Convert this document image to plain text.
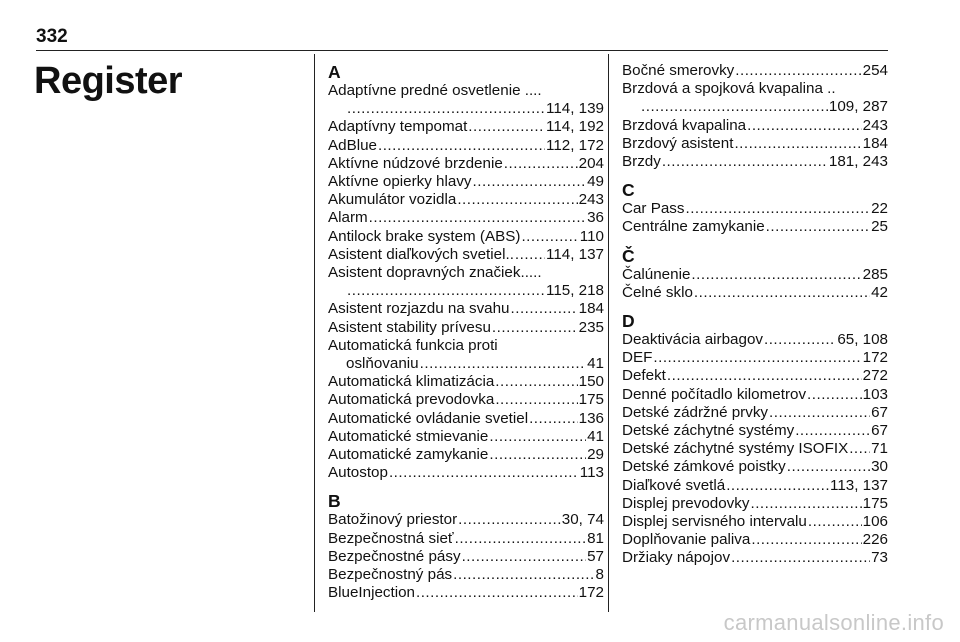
332
Register	A
Adaptívne predné osvetlenie ....
.....
114, 139
Adaptívny tempomat .....	114, 192
AdBlue .....	112, 172
Aktívne núdzové brzdenie .....	204
Aktívne opierky hlavy .....	49
Akumulátor vozidla .....	243
Alarm .....	36
Antilock brake system (ABS) .....	110
Asistent diaľkových svetiel.. ..... 114, 137
Asistent dopravných značiek.....
.....
115, 218
Asistent rozjazdu na svahu .....	184
Asistent stability prívesu .....	235
Automatická funkcia proti
oslňovaniu .....	41
Automatická klimatizácia .....	150
Automatická prevodovka .....	175
Automatické ovládanie svetiel .....	136
Automatické stmievanie .....	41
Automatické zamykanie .....	29
Autostop .....	113
B
Batožinový priestor .....	30, 74
Bezpečnostná sieť .....	81
Bezpečnostné pásy .....	57
Bezpečnostný pás .....	8
BlueInjection .....	172
Bočné smerovky .....	254
Brzdová a spojková kvapalina ..
.....
109, 287
Brzdová kvapalina .....	243
Brzdový asistent .....	184
Brzdy .....	181, 243
C
Car Pass .....	22
Centrálne zamykanie .....	25
Č
Čalúnenie .....	285
Čelné sklo .....	42
D
Deaktivácia airbagov .....	65, 108
DEF .....	172
Defekt .....	272
Denné počítadlo kilometrov .....	103
Detské zádržné prvky .....	67
Detské záchytné systémy .....	67
Detské záchytné systémy ISOFIX ..... 71
Detské zámkové poistky .....	30
Diaľkové svetlá .....	113, 137
Displej prevodovky .....	175
Displej servisného intervalu .....	106
Doplňovanie paliva .....	226
Držiaky nápojov .....	73
carmanualsonline.info
